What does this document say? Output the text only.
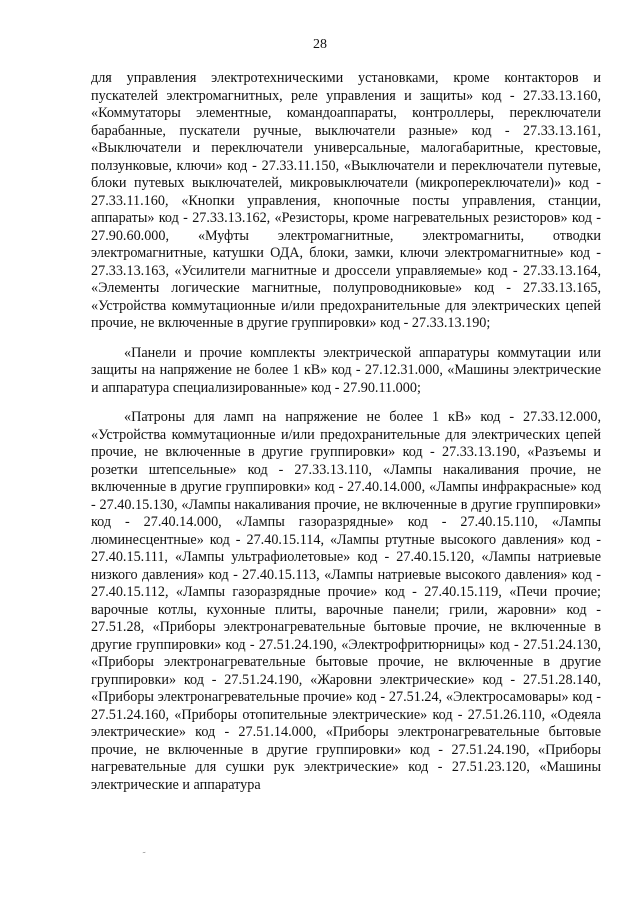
28

для управления электротехническими установками, кроме контакторов и пускателей электромагнитных, реле управления и защиты» код - 27.33.13.160, «Коммутаторы элементные, командоаппараты, контроллеры, переключатели барабанные, пускатели ручные, выключатели разные» код - 27.33.13.161, «Выключатели и переключатели универсальные, малогабаритные, крестовые, ползунковые, ключи» код - 27.33.11.150, «Выключатели и переключатели путевые, блоки путевых выключателей, микровыключатели (микропереключатели)» код - 27.33.11.160, «Кнопки управления, кнопочные посты управления, станции, аппараты» код - 27.33.13.162, «Резисторы, кроме нагревательных резисторов» код - 27.90.60.000, «Муфты электромагнитные, электромагниты, отводки электромагнитные, катушки ОДА, блоки, замки, ключи электромагнитные» код - 27.33.13.163, «Усилители магнитные и дроссели управляемые» код - 27.33.13.164, «Элементы логические магнитные, полупроводниковые» код - 27.33.13.165, «Устройства коммутационные и/или предохранительные для электрических цепей прочие, не включенные в другие группировки» код - 27.33.13.190;

«Панели и прочие комплекты электрической аппаратуры коммутации или защиты на напряжение не более 1 кВ» код - 27.12.31.000, «Машины электрические и аппаратура специализированные» код - 27.90.11.000;

«Патроны для ламп на напряжение не более 1 кВ» код - 27.33.12.000, «Устройства коммутационные и/или предохранительные для электрических цепей прочие, не включенные в другие группировки» код - 27.33.13.190, «Разъемы и розетки штепсельные» код - 27.33.13.110, «Лампы накаливания прочие, не включенные в другие группировки» код - 27.40.14.000, «Лампы инфракрасные» код - 27.40.15.130, «Лампы накаливания прочие, не включенные в другие группировки» код - 27.40.14.000, «Лампы газоразрядные» код - 27.40.15.110, «Лампы люминесцентные» код - 27.40.15.114, «Лампы ртутные высокого давления» код - 27.40.15.111, «Лампы ультрафиолетовые» код - 27.40.15.120, «Лампы натриевые низкого давления» код - 27.40.15.113, «Лампы натриевые высокого давления» код - 27.40.15.112, «Лампы газоразрядные прочие» код - 27.40.15.119, «Печи прочие; варочные котлы, кухонные плиты, варочные панели; грили, жаровни» код - 27.51.28, «Приборы электронагревательные бытовые прочие, не включенные в другие группировки» код - 27.51.24.190, «Электрофритюрницы» код - 27.51.24.130, «Приборы электронагревательные бытовые прочие, не включенные в другие группировки» код - 27.51.24.190, «Жаровни электрические» код - 27.51.28.140, «Приборы электронагревательные прочие» код - 27.51.24, «Электросамовары» код - 27.51.24.160, «Приборы отопительные электрические» код - 27.51.26.110, «Одеяла электрические» код - 27.51.14.000, «Приборы электронагревательные бытовые прочие, не включенные в другие группировки» код - 27.51.24.190, «Приборы нагревательные для сушки рук электрические» код - 27.51.23.120, «Машины электрические и аппаратура

˜
